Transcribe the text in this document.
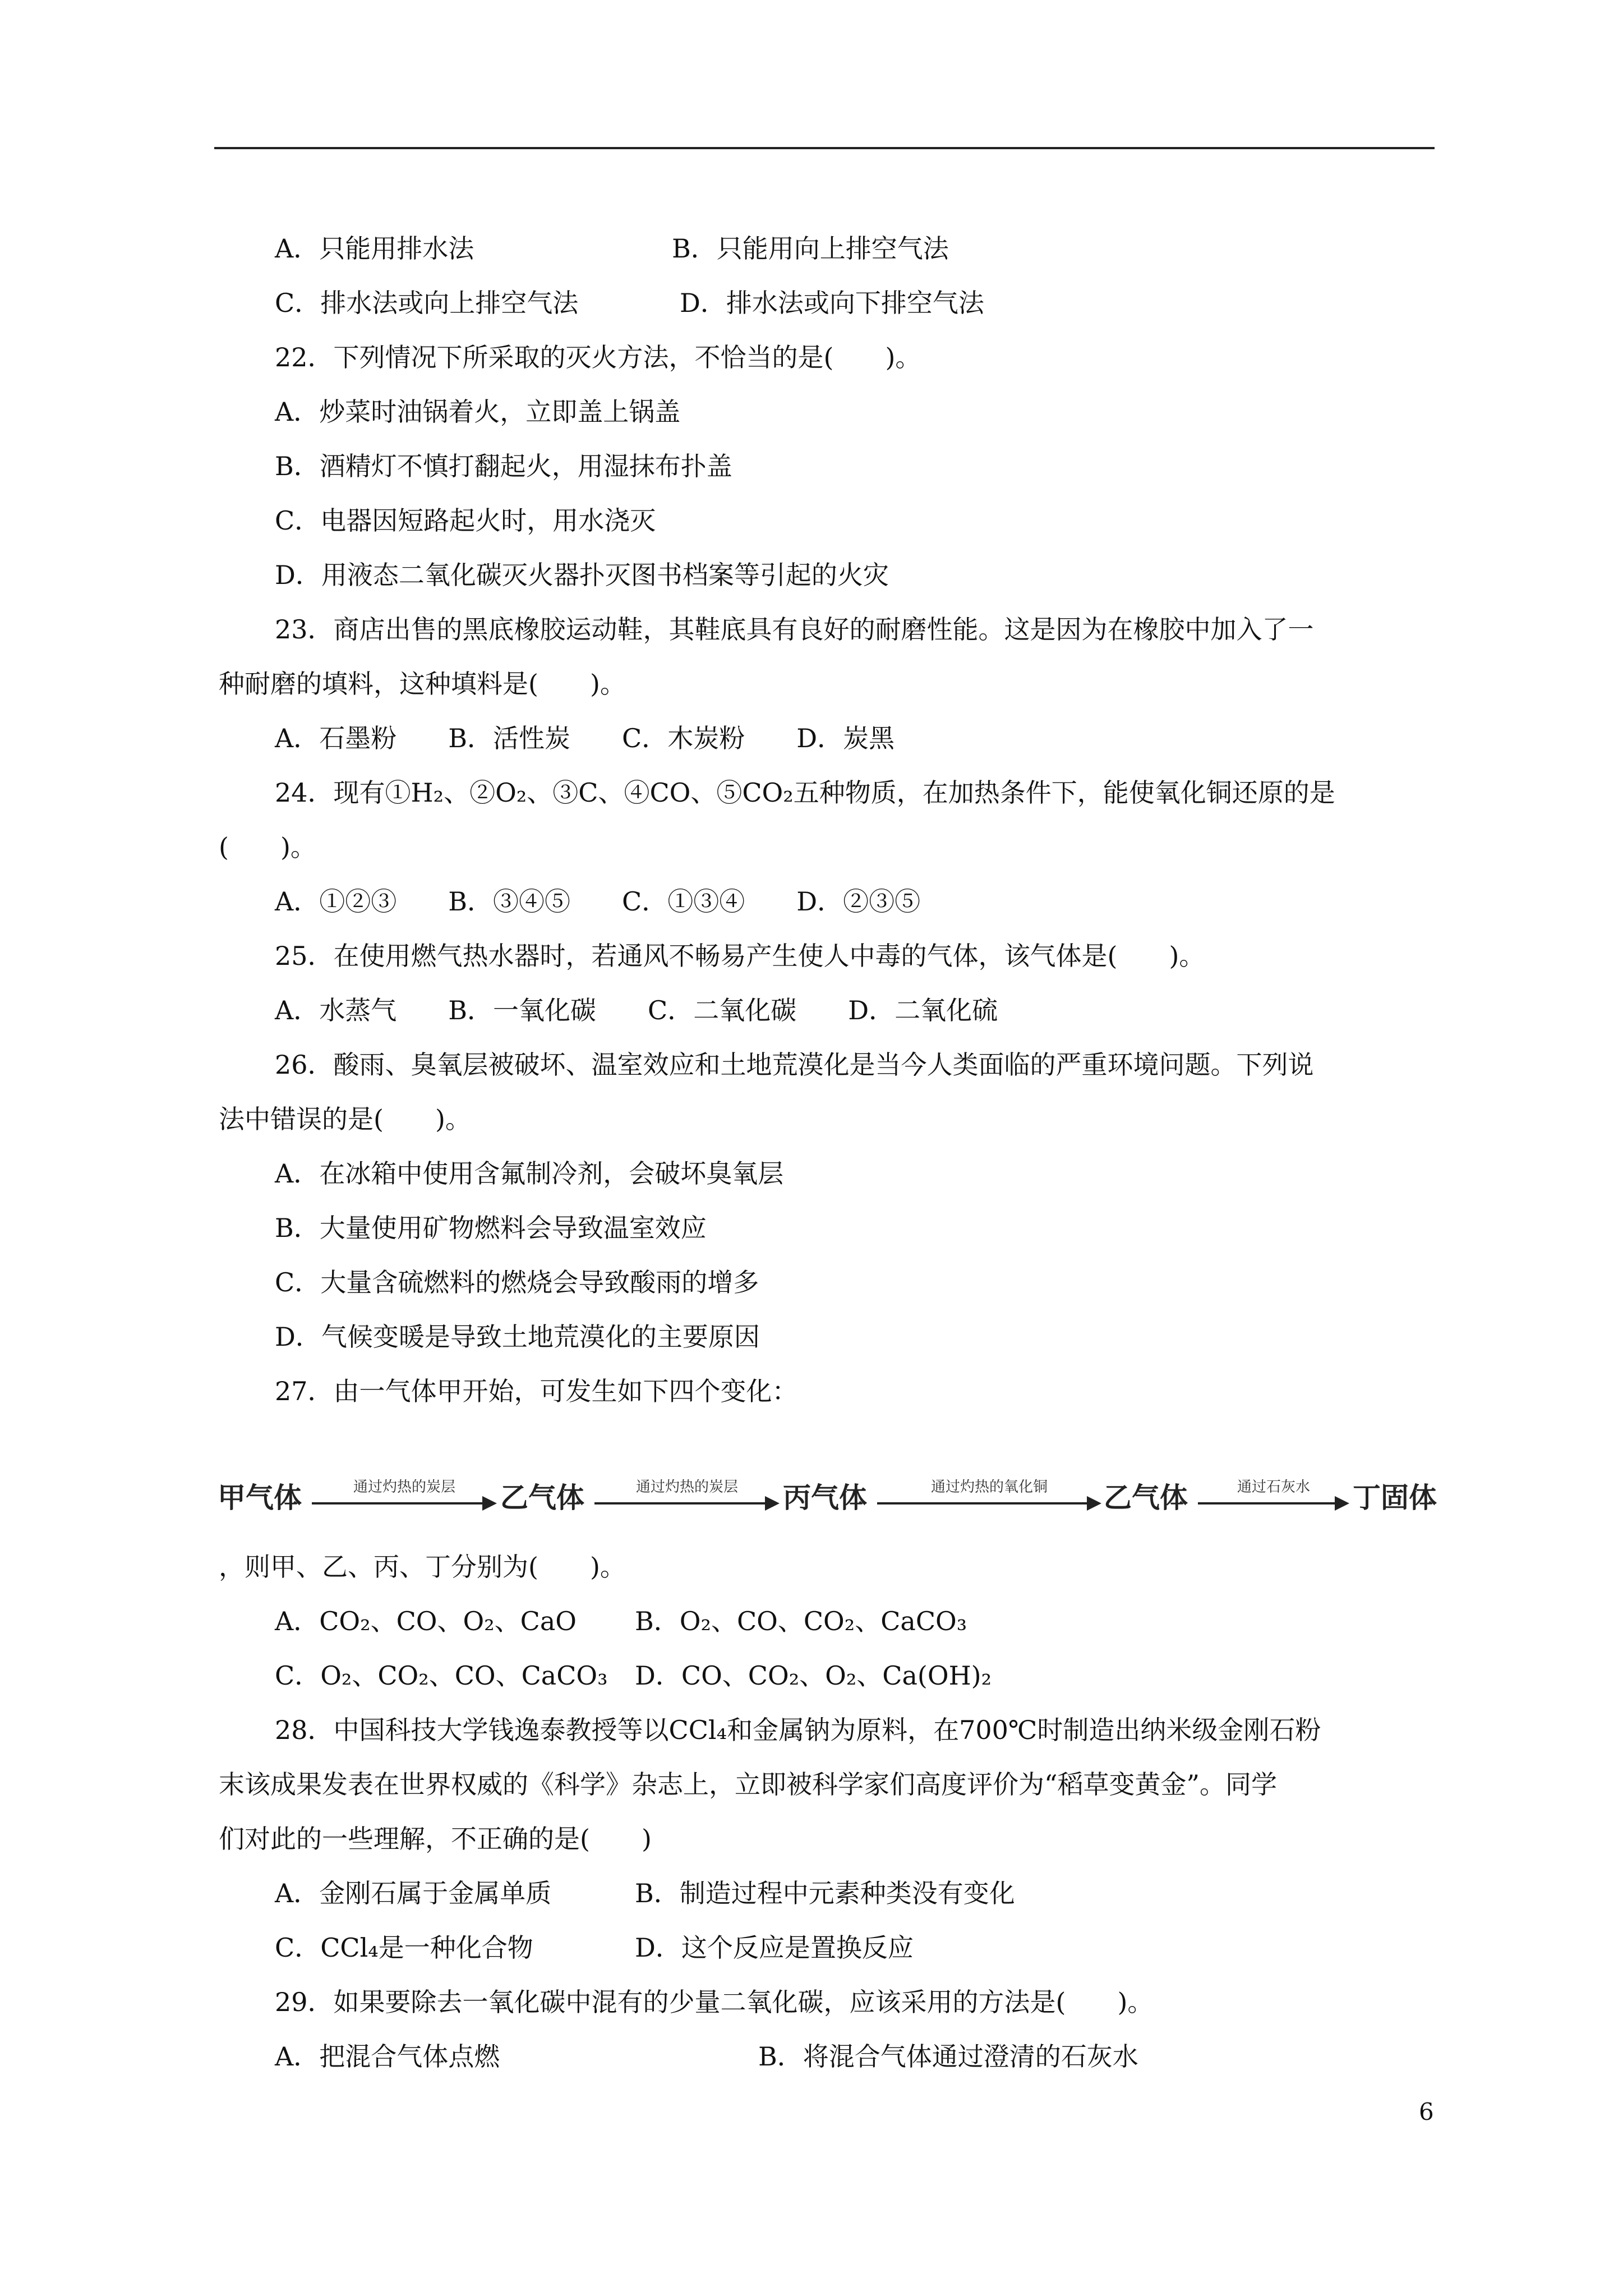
A．只能用排水法	B．只能用向上排空气法
C．排水法或向上排空气法	D．排水法或向下排空气法
22．下列情况下所采取的灭火方法，不恰当的是(　　)。
A．炒菜时油锅着火，立即盖上锅盖
B．酒精灯不慎打翻起火，用湿抹布扑盖
C．电器因短路起火时，用水浇灭
D．用液态二氧化碳灭火器扑灭图书档案等引起的火灾
23．商店出售的黑底橡胶运动鞋，其鞋底具有良好的耐磨性能。这是因为在橡胶中加入了一
种耐磨的填料，这种填料是(　　)。
A．石墨粉　　B．活性炭　　C．木炭粉　　D．炭黑
24．现有①H₂、②O₂、③C、④CO、⑤CO₂五种物质，在加热条件下，能使氧化铜还原的是
(　　)。
A．①②③　　B．③④⑤　　C．①③④　　D．②③⑤
25．在使用燃气热水器时，若通风不畅易产生使人中毒的气体，该气体是(　　)。
A．水蒸气　　B．一氧化碳　　C．二氧化碳　　D．二氧化硫
26．酸雨、臭氧层被破坏、温室效应和土地荒漠化是当今人类面临的严重环境问题。下列说
法中错误的是(　　)。
A．在冰箱中使用含氟制冷剂，会破坏臭氧层
B．大量使用矿物燃料会导致温室效应
C．大量含硫燃料的燃烧会导致酸雨的增多
D．气候变暖是导致土地荒漠化的主要原因
27．由一气体甲开始，可发生如下四个变化：
甲气体	通过灼热的炭层	乙气体	通过灼热的炭层	丙气体	通过灼热的氧化铜	乙气体	通过石灰水	丁固体
，则甲、乙、丙、丁分别为(　　)。
A．CO₂、CO、O₂、CaO B．O₂、CO、CO₂、CaCO₃
C．O₂、CO₂、CO、CaCO₃ D．CO、CO₂、O₂、Ca(OH)₂
28．中国科技大学钱逸泰教授等以CCl₄和金属钠为原料，在700℃时制造出纳米级金刚石粉
末该成果发表在世界权威的《科学》杂志上，立即被科学家们高度评价为“稻草变黄金”。同学
们对此的一些理解，不正确的是(　　)
A．金刚石属于金属单质	B．制造过程中元素种类没有变化
C．CCl₄是一种化合物	D．这个反应是置换反应
29．如果要除去一氧化碳中混有的少量二氧化碳，应该采用的方法是(　　)。
A．把混合气体点燃	B．将混合气体通过澄清的石灰水
6
